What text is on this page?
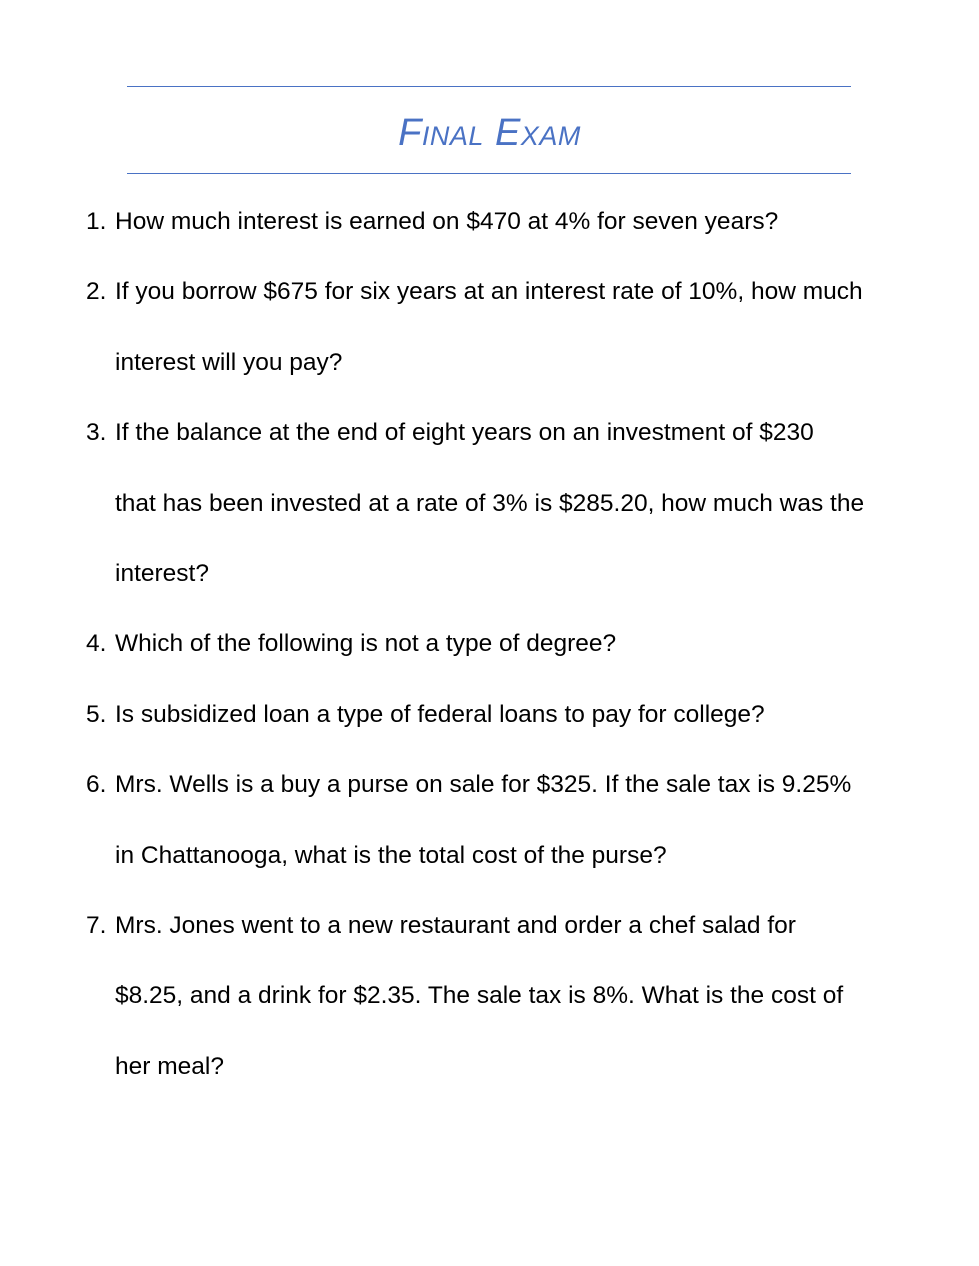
Final Exam
1. How much interest is earned on $470 at 4% for seven years?
2. If you borrow $675 for six years at an interest rate of 10%, how much
interest will you pay?
3. If the balance at the end of eight years on an investment of $230
that has been invested at a rate of 3% is $285.20, how much was the
interest?
4. Which of the following is not a type of degree?
5. Is subsidized loan a type of federal loans to pay for college?
6. Mrs. Wells is a buy a purse on sale for $325. If the sale tax is 9.25%
in Chattanooga, what is the total cost of the purse?
7. Mrs. Jones went to a new restaurant and order a chef salad for
$8.25, and a drink for $2.35. The sale tax is 8%. What is the cost of
her meal?
